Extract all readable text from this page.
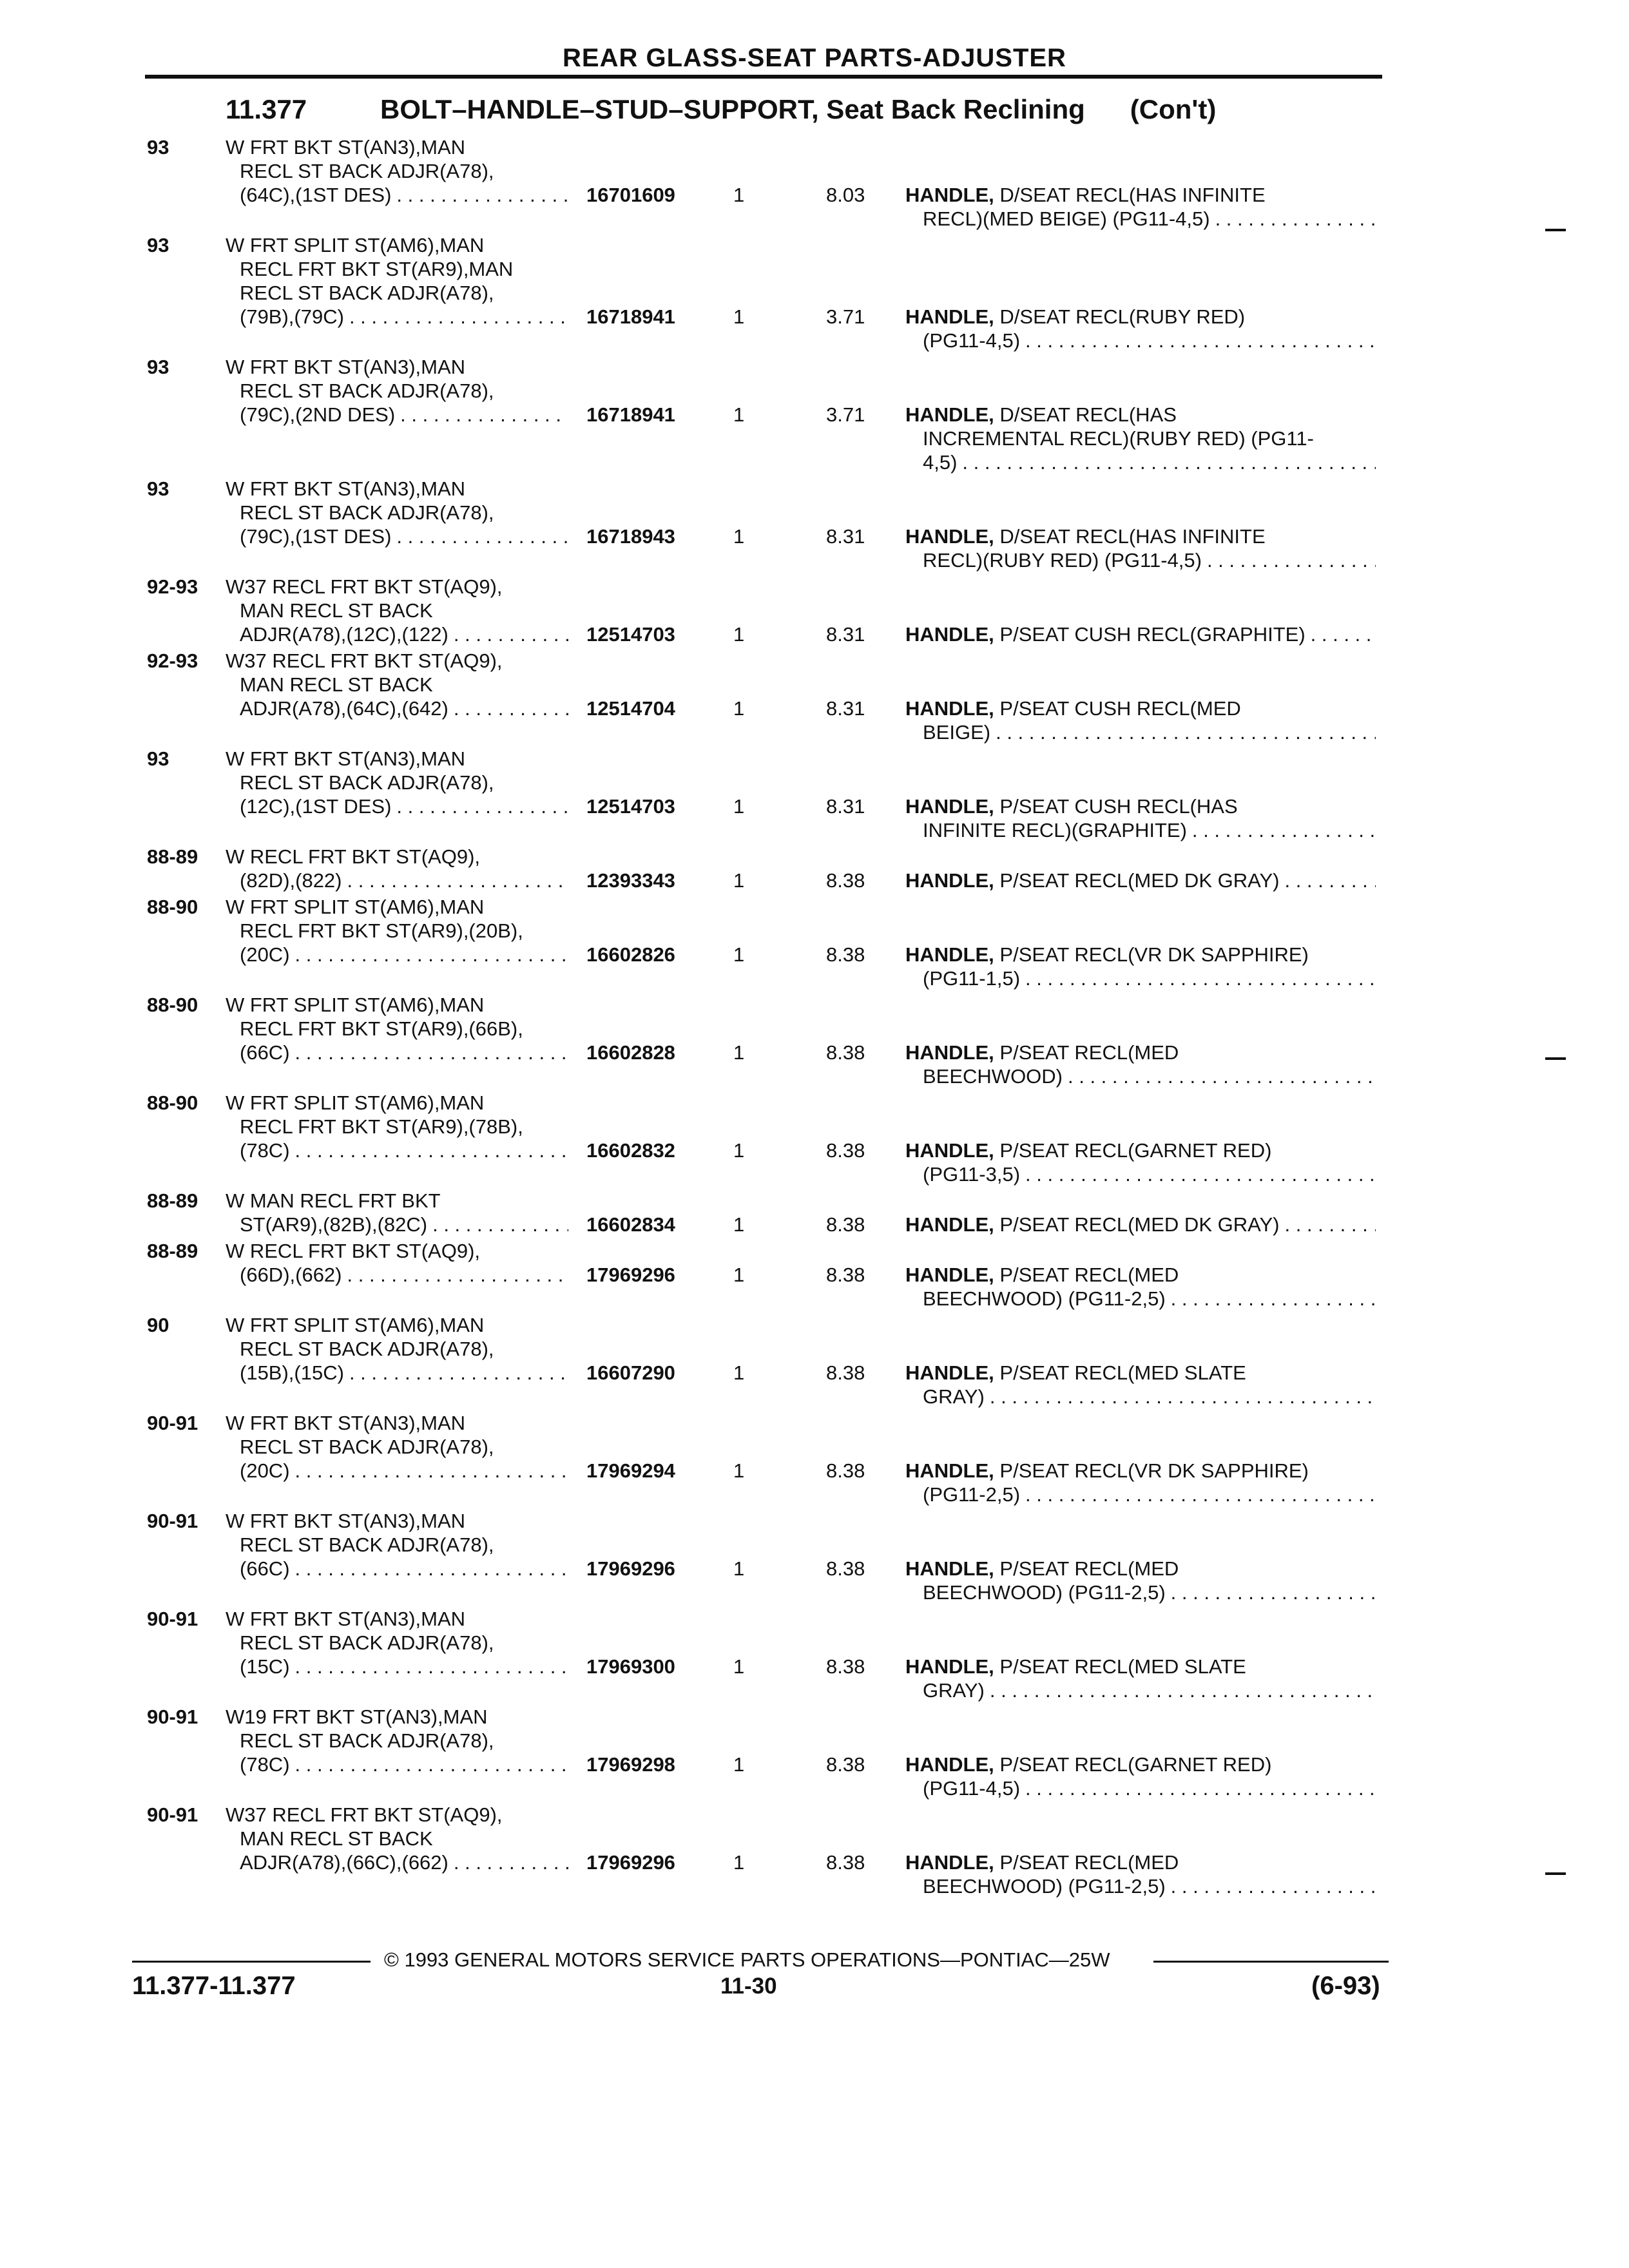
REAR GLASS-SEAT PARTS-ADJUSTER
11.377	BOLT–HANDLE–STUD–SUPPORT, Seat Back Reclining (Con't)
93	W FRT BKT ST(AN3),MAN
RECL ST BACK ADJR(A78),
(64C),(1ST DES) . . .	16701609	1	8.03 HANDLE, D/SEAT RECL(HAS INFINITE
RECL)(MED BEIGE) (PG11-4,5)
. . .
93	W FRT SPLIT ST(AM6),MAN
RECL FRT BKT ST(AR9),MAN
RECL ST BACK ADJR(A78),
(79B),(79C) . . .	16718941	1	3.71 HANDLE, D/SEAT RECL(RUBY RED)
(PG11-4,5)
. . .
93	W FRT BKT ST(AN3),MAN
RECL ST BACK ADJR(A78),
(79C),(2ND DES) . . .	16718941	1	3.71 HANDLE, D/SEAT RECL(HAS
INCREMENTAL RECL)(RUBY RED) (PG11-
4,5)
. . .
93	W FRT BKT ST(AN3),MAN
RECL ST BACK ADJR(A78),
(79C),(1ST DES) . . .	16718943	1	8.31 HANDLE, D/SEAT RECL(HAS INFINITE
RECL)(RUBY RED) (PG11-4,5)
. . .
92-93 W37 RECL FRT BKT ST(AQ9),
MAN RECL ST BACK
ADJR(A78),(12C),(122) . . .	12514703	1	8.31 HANDLE, P/SEAT CUSH RECL(GRAPHITE)
. . .
92-93 W37 RECL FRT BKT ST(AQ9),
MAN RECL ST BACK
ADJR(A78),(64C),(642) . . .	12514704	1	8.31 HANDLE, P/SEAT CUSH RECL(MED
BEIGE)
. . .
93	W FRT BKT ST(AN3),MAN
RECL ST BACK ADJR(A78),
(12C),(1ST DES) . . .	12514703	1	8.31 HANDLE, P/SEAT CUSH RECL(HAS
INFINITE RECL)(GRAPHITE)
. . .
88-89 W RECL FRT BKT ST(AQ9),
(82D),(822) . . .	12393343	1	8.38 HANDLE, P/SEAT RECL(MED DK GRAY)
. . .
88-90 W FRT SPLIT ST(AM6),MAN
RECL FRT BKT ST(AR9),(20B),
(20C) . . .	16602826	1	8.38 HANDLE, P/SEAT RECL(VR DK SAPPHIRE)
(PG11-1,5)
. . .
88-90 W FRT SPLIT ST(AM6),MAN
RECL FRT BKT ST(AR9),(66B),
(66C) . . .	16602828	1	8.38 HANDLE, P/SEAT RECL(MED
BEECHWOOD)
. . .
88-90 W FRT SPLIT ST(AM6),MAN
RECL FRT BKT ST(AR9),(78B),
(78C) . . .	16602832	1	8.38 HANDLE, P/SEAT RECL(GARNET RED)
(PG11-3,5)
. . .
88-89 W MAN RECL FRT BKT
ST(AR9),(82B),(82C) . . .	16602834	1	8.38 HANDLE, P/SEAT RECL(MED DK GRAY)
. . .
88-89 W RECL FRT BKT ST(AQ9),
(66D),(662) . . .	17969296	1	8.38 HANDLE, P/SEAT RECL(MED
BEECHWOOD) (PG11-2,5)
. . .
90	W FRT SPLIT ST(AM6),MAN
RECL ST BACK ADJR(A78),
(15B),(15C) . . .	16607290	1	8.38 HANDLE, P/SEAT RECL(MED SLATE
GRAY)
. . .
90-91 W FRT BKT ST(AN3),MAN
RECL ST BACK ADJR(A78),
(20C) . . .	17969294	1	8.38 HANDLE, P/SEAT RECL(VR DK SAPPHIRE)
(PG11-2,5)
. . .
90-91 W FRT BKT ST(AN3),MAN
RECL ST BACK ADJR(A78),
(66C) . . .	17969296	1	8.38 HANDLE, P/SEAT RECL(MED
BEECHWOOD) (PG11-2,5)
. . .
90-91 W FRT BKT ST(AN3),MAN
RECL ST BACK ADJR(A78),
(15C) . . .	17969300	1	8.38 HANDLE, P/SEAT RECL(MED SLATE
GRAY)
. . .
90-91 W19 FRT BKT ST(AN3),MAN
RECL ST BACK ADJR(A78),
(78C) . . .	17969298	1	8.38 HANDLE, P/SEAT RECL(GARNET RED)
(PG11-4,5)
. . .
90-91 W37 RECL FRT BKT ST(AQ9),
MAN RECL ST BACK
ADJR(A78),(66C),(662) . . .	17969296	1	8.38 HANDLE, P/SEAT RECL(MED
BEECHWOOD) (PG11-2,5)
. . .
© 1993 GENERAL MOTORS SERVICE PARTS OPERATIONS—PONTIAC—25W
11.377-11.377	11-30	(6-93)
